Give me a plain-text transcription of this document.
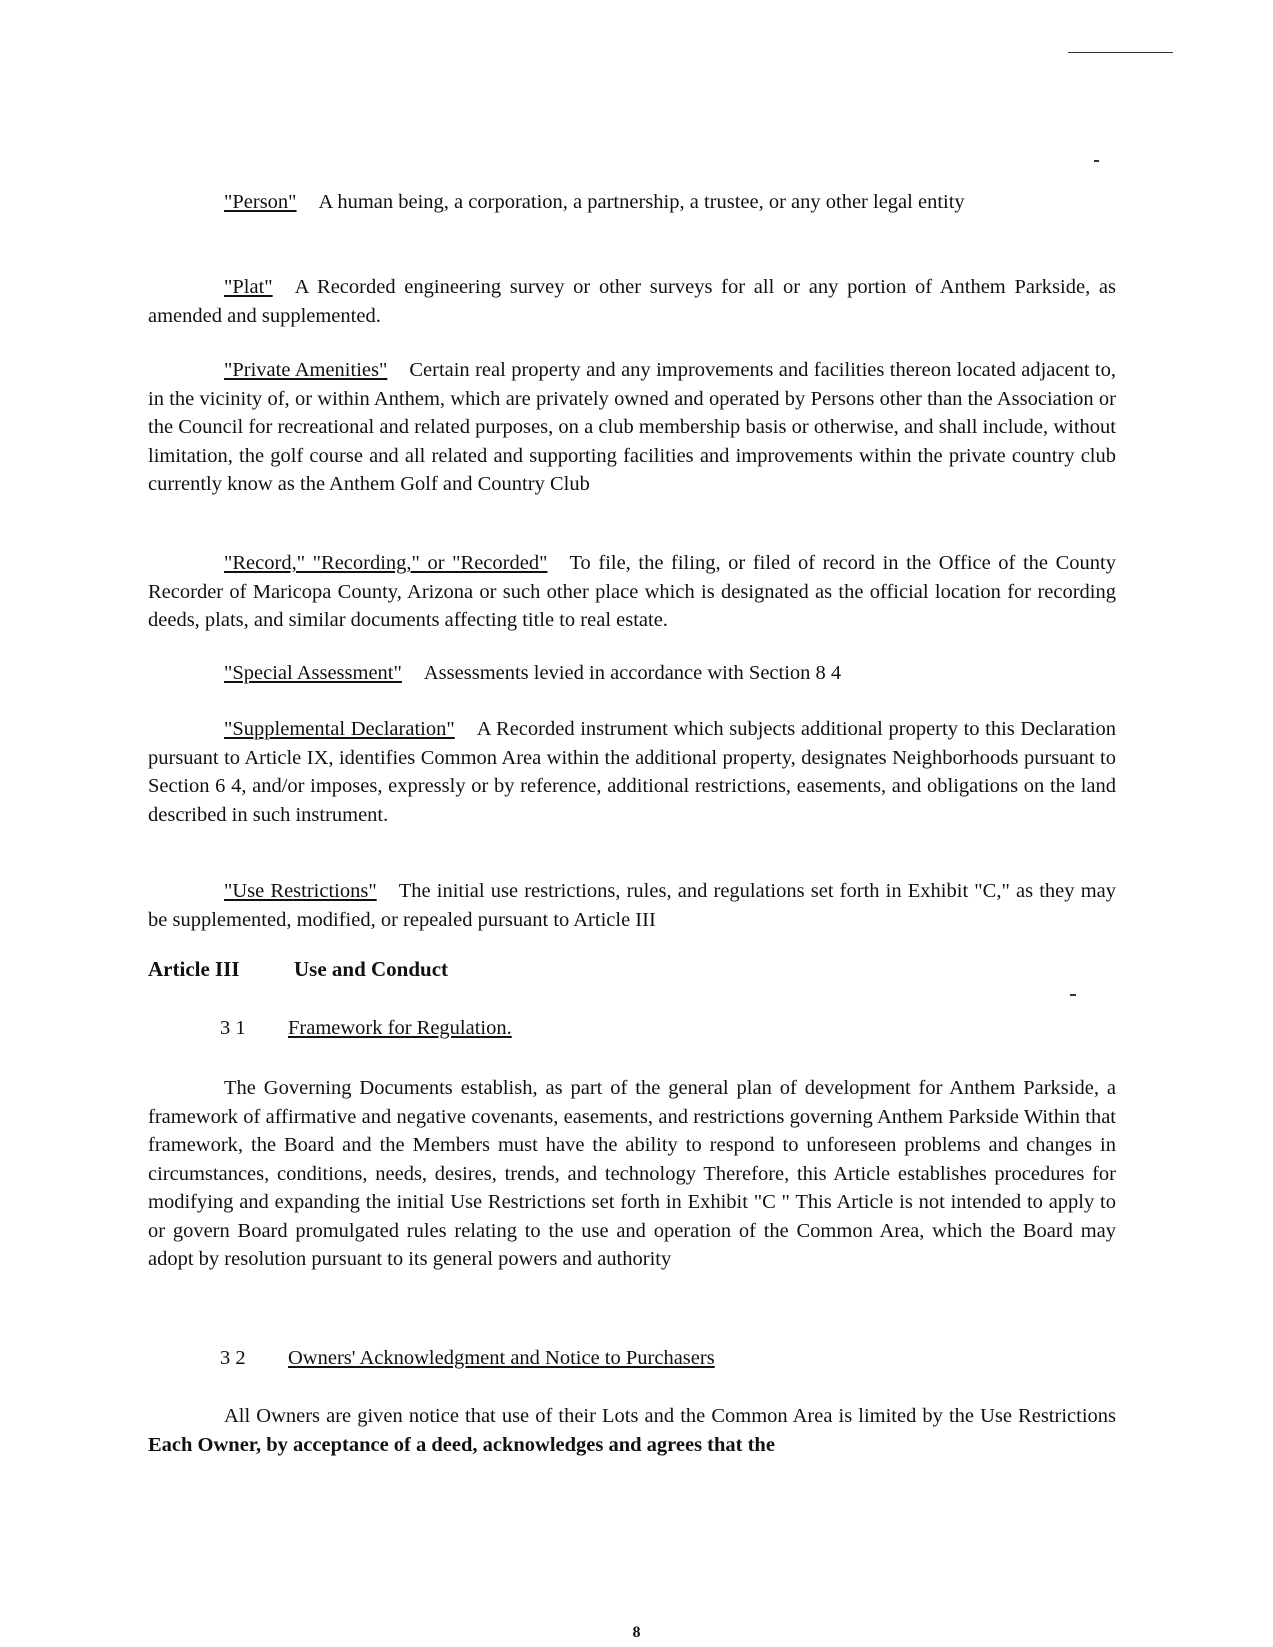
"Person" A human being, a corporation, a partnership, a trustee, or any other legal entity
"Plat" A Recorded engineering survey or other surveys for all or any portion of Anthem Parkside, as amended and supplemented.
"Private Amenities" Certain real property and any improvements and facilities thereon located adjacent to, in the vicinity of, or within Anthem, which are privately owned and operated by Persons other than the Association or the Council for recreational and related purposes, on a club membership basis or otherwise, and shall include, without limitation, the golf course and all related and supporting facilities and improvements within the private country club currently know as the Anthem Golf and Country Club
"Record," "Recording," or "Recorded" To file, the filing, or filed of record in the Office of the County Recorder of Maricopa County, Arizona or such other place which is designated as the official location for recording deeds, plats, and similar documents affecting title to real estate.
"Special Assessment" Assessments levied in accordance with Section 8 4
"Supplemental Declaration" A Recorded instrument which subjects additional property to this Declaration pursuant to Article IX, identifies Common Area within the additional property, designates Neighborhoods pursuant to Section 6 4, and/or imposes, expressly or by reference, additional restrictions, easements, and obligations on the land described in such instrument.
"Use Restrictions" The initial use restrictions, rules, and regulations set forth in Exhibit "C," as they may be supplemented, modified, or repealed pursuant to Article III
Article III	Use and Conduct
3 1 Framework for Regulation.
The Governing Documents establish, as part of the general plan of development for Anthem Parkside, a framework of affirmative and negative covenants, easements, and restrictions governing Anthem Parkside Within that framework, the Board and the Members must have the ability to respond to unforeseen problems and changes in circumstances, conditions, needs, desires, trends, and technology Therefore, this Article establishes procedures for modifying and expanding the initial Use Restrictions set forth in Exhibit "C " This Article is not intended to apply to or govern Board promulgated rules relating to the use and operation of the Common Area, which the Board may adopt by resolution pursuant to its general powers and authority
3 2 Owners' Acknowledgment and Notice to Purchasers
All Owners are given notice that use of their Lots and the Common Area is limited by the Use Restrictions Each Owner, by acceptance of a deed, acknowledges and agrees that the
8
